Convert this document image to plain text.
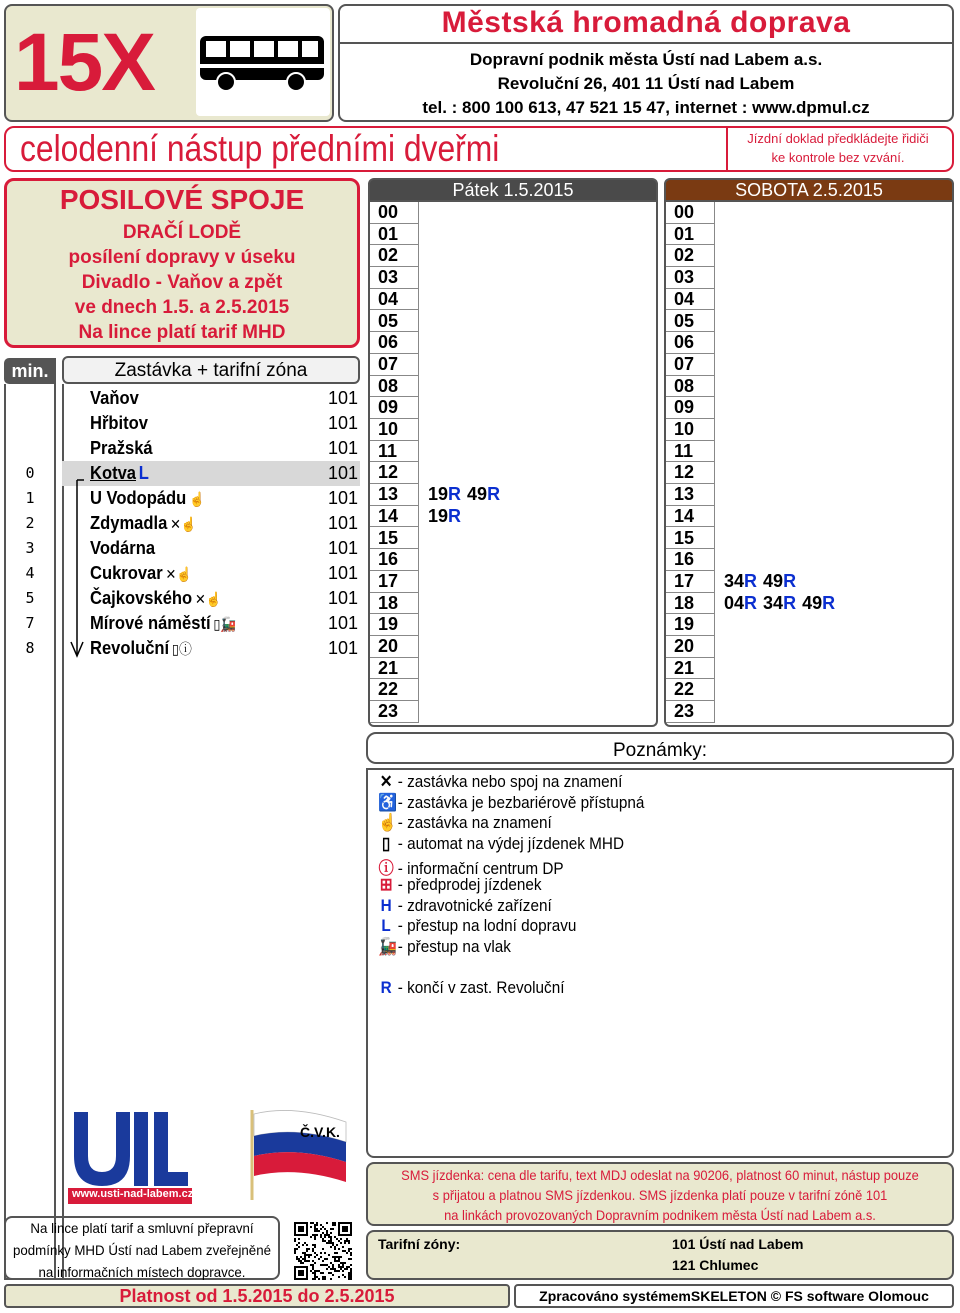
15X	Městská hromadná doprava
Dopravní podnik města Ústí nad Labem a.s.
Revoluční 26, 401 11 Ústí nad Labem
tel. : 800 100 613, 47 521 15 47, internet : www.dpmul.cz
celodenní nástup předními dveřmi	Jízdní doklad předkládejte řidiči
ke kontrole bez vzvání.
POSILOVÉ SPOJE
DRAČÍ LODĚ
posílení dopravy v úseku
Divadlo - Vaňov a zpět
ve dnech 1.5. a 2.5.2015
Na lince platí tarif MHD
min.	Zastávka + tarifní zóna
Vaňov	101
Hřbitov	101
Pražská	101
0	Kotva L	101
1	U Vodopádu ☝	101
2	Zdymadla ✕☝	101
3	Vodárna	101
4	Cukrovar ✕☝	101
5	Čajkovského ✕☝	101
7	Mírové náměstí ▯🚂	101
8	Revoluční ▯ⓘ	101
Pátek 1.5.2015
00
01
02
03
04
05
06
07
08
09
10
11
12
13	19R 49R
14	19R
15
16
17
18
19
20
21
22
23
SOBOTA 2.5.2015
00
01
02
03
04
05
06
07
08
09
10
11
12
13
14
15
16
17	34R 49R
18	04R 34R 49R
19
20
21
22
23
Poznámky:
✕ - zastávka nebo spoj na znamení
♿- zastávka je bezbariérově přístupná
☝- zastávka na znamení
▯ - automat na výdej jízdenek MHD
ⓘ - informační centrum DP
⊞ - předprodej jízdenek
H - zdravotnické zařízení
L - přestup na lodní dopravu
🚂- přestup na vlak
R - končí v zast. Revoluční
www.usti-nad-labem.cz
Č.V.K.
Na lince platí tarif a smluvní přepravní
podmínky MHD Ústí nad Labem zveřejněné
na informačních místech dopravce.
SMS jízdenka: cena dle tarifu, text MDJ odeslat na 90206, platnost 60 minut, nástup pouze
s přijatou a platnou SMS jízdenkou. SMS jízdenka platí pouze v tarifní zóně 101
na linkách provozovaných Dopravním podnikem města Ústí nad Labem a.s.
Tarifní zóny:	101 Ústí nad Labem
121 Chlumec
Platnost od 1.5.2015 do 2.5.2015	Zpracováno systémemSKELETON © FS software Olomouc
